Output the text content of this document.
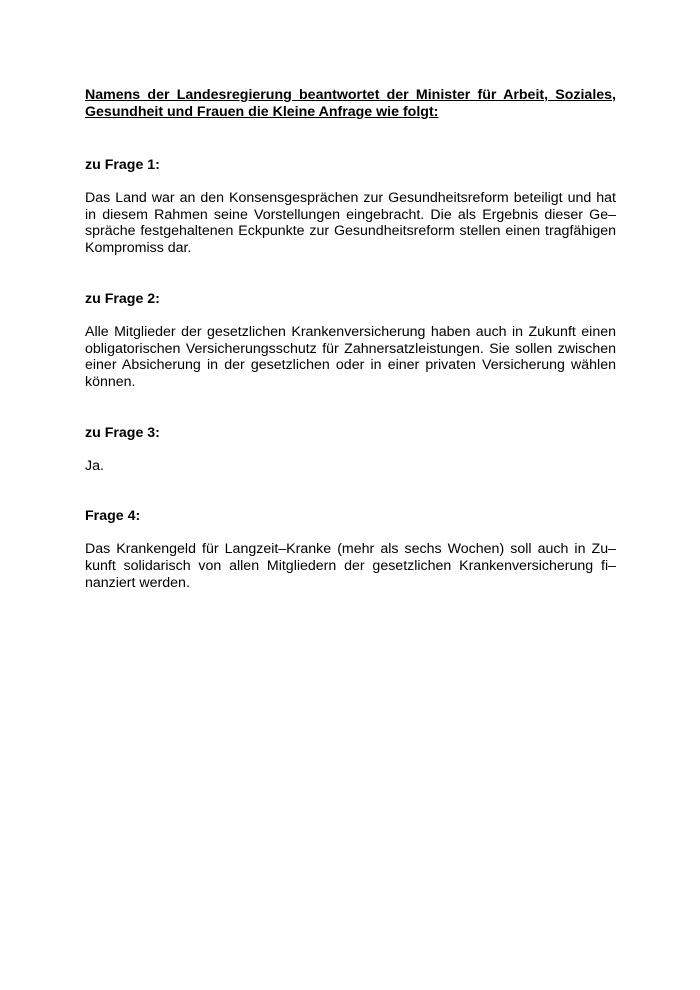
Namens der Landesregierung beantwortet der Minister für Arbeit, Soziales,
Gesundheit und Frauen die Kleine Anfrage wie folgt:

zu Frage 1:

Das Land war an den Konsensgesprächen zur Gesundheitsreform beteiligt und hat
in diesem Rahmen seine Vorstellungen eingebracht. Die als Ergebnis dieser Ge–
spräche festgehaltenen Eckpunkte zur Gesundheitsreform stellen einen tragfähigen
Kompromiss dar.

zu Frage 2:

Alle Mitglieder der gesetzlichen Krankenversicherung haben auch in Zukunft einen
obligatorischen Versicherungsschutz für Zahnersatzleistungen. Sie sollen zwischen
einer Absicherung in der gesetzlichen oder in einer privaten Versicherung wählen
können.

zu Frage 3:

Ja.

Frage 4:

Das Krankengeld für Langzeit–Kranke (mehr als sechs Wochen) soll auch in Zu–
kunft solidarisch von allen Mitgliedern der gesetzlichen Krankenversicherung fi–
nanziert werden.
